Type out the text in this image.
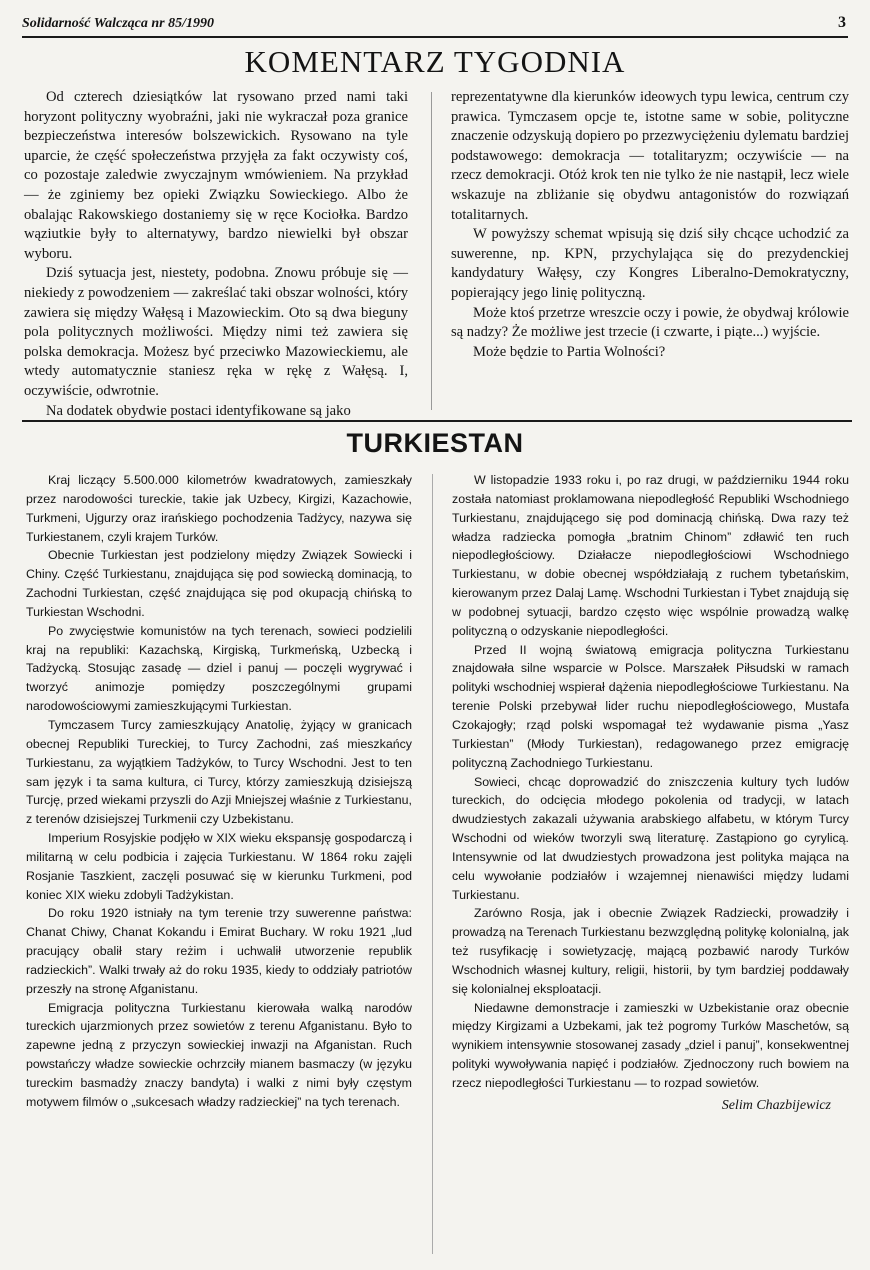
Solidarność Walcząca nr 85/1990	3
KOMENTARZ TYGODNIA

Od czterech dziesiątków lat rysowano przed nami taki horyzont polityczny wyobraźni, jaki nie wykraczał poza granice bezpieczeństwa interesów bolszewickich. Rysowano na tyle uparcie, że część społeczeństwa przyjęła za fakt oczywisty coś, co pozostaje zaledwie zwyczajnym wmówieniem. Na przykład — że zginiemy bez opieki Związku Sowieckiego. Albo że obalając Rakowskiego dostaniemy się w ręce Kociołka. Bardzo wąziutkie były to alternatywy, bardzo niewielki był obszar wyboru.

Dziś sytuacja jest, niestety, podobna. Znowu próbuje się — niekiedy z powodzeniem — zakreślać taki obszar wolności, który zawiera się między Wałęsą i Mazowieckim. Oto są dwa bieguny pola politycznych możliwości. Między nimi też zawiera się polska demokracja. Możesz być przeciwko Mazowieckiemu, ale wtedy automatycznie staniesz ręka w rękę z Wałęsą. I, oczywiście, odwrotnie.

Na dodatek obydwie postaci identyfikowane są jako

reprezentatywne dla kierunków ideowych typu lewica, centrum czy prawica. Tymczasem opcje te, istotne same w sobie, polityczne znaczenie odzyskują dopiero po przezwyciężeniu dylematu bardziej podstawowego: demokracja — totalitaryzm; oczywiście — na rzecz demokracji. Otóż krok ten nie tylko że nie nastąpił, lecz wiele wskazuje na zbliżanie się obydwu antagonistów do rozwiązań totalitarnych.

W powyższy schemat wpisują się dziś siły chcące uchodzić za suwerenne, np. KPN, przychylająca się do prezydenckiej kandydatury Wałęsy, czy Kongres Liberalno-Demokratyczny, popierający jego linię polityczną.

Może ktoś przetrze wreszcie oczy i powie, że obydwaj królowie są nadzy? Że możliwe jest trzecie (i czwarte, i piąte...) wyjście.

Może będzie to Partia Wolności?

TURKIESTAN

Kraj liczący 5.500.000 kilometrów kwadratowych, zamieszkały przez narodowości tureckie, takie jak Uzbecy, Kirgizi, Kazachowie, Turkmeni, Ujgurzy oraz irańskiego pochodzenia Tadżycy, nazywa się Turkiestanem, czyli krajem Turków.

Obecnie Turkiestan jest podzielony między Związek Sowiecki i Chiny. Część Turkiestanu, znajdująca się pod sowiecką dominacją, to Zachodni Turkiestan, część znajdująca się pod okupacją chińską to Turkiestan Wschodni.

Po zwycięstwie komunistów na tych terenach, sowieci podzielili kraj na republiki: Kazachską, Kirgiską, Turkmeńską, Uzbecką i Tadżycką. Stosując zasadę — dziel i panuj — poczęli wygrywać i tworzyć animozje pomiędzy poszczególnymi grupami narodowościowymi zamieszkującymi Turkiestan.

Tymczasem Turcy zamieszkujący Anatolię, żyjący w granicach obecnej Republiki Tureckiej, to Turcy Zachodni, zaś mieszkańcy Turkiestanu, za wyjątkiem Tadżyków, to Turcy Wschodni. Jest to ten sam język i ta sama kultura, ci Turcy, którzy zamieszkują dzisiejszą Turcję, przed wiekami przyszli do Azji Mniejszej właśnie z Turkiestanu, z terenów dzisiejszej Turkmenii czy Uzbekistanu.

Imperium Rosyjskie podjęło w XIX wieku ekspansję gospodarczą i militarną w celu podbicia i zajęcia Turkiestanu. W 1864 roku zajęli Rosjanie Taszkient, zaczęli posuwać się w kierunku Turkmeni, pod koniec XIX wieku zdobyli Tadżykistan.

Do roku 1920 istniały na tym terenie trzy suwerenne państwa: Chanat Chiwy, Chanat Kokandu i Emirat Buchary. W roku 1921 „lud pracujący obalił stary reżim i uchwalił utworzenie republik radzieckich”. Walki trwały aż do roku 1935, kiedy to oddziały patriotów przeszły na stronę Afganistanu.

Emigracja polityczna Turkiestanu kierowała walką narodów tureckich ujarzmionych przez sowietów z terenu Afganistanu. Było to zapewne jedną z przyczyn sowieckiej inwazji na Afganistan. Ruch powstańczy władze sowieckie ochrzciły mianem basmaczy (w języku tureckim basmadży znaczy bandyta) i walki z nimi były częstym motywem filmów o „sukcesach władzy radzieckiej” na tych terenach.

W listopadzie 1933 roku i, po raz drugi, w październiku 1944 roku została natomiast proklamowana niepodległość Republiki Wschodniego Turkiestanu, znajdującego się pod dominacją chińską. Dwa razy też władza radziecka pomogła „bratnim Chinom” zdławić ten ruch niepodległościowy. Działacze niepodległościowi Wschodniego Turkiestanu, w dobie obecnej współdziałają z ruchem tybetańskim, kierowanym przez Dalaj Lamę. Wschodni Turkiestan i Tybet znajdują się w podobnej sytuacji, bardzo często więc wspólnie prowadzą walkę polityczną o odzyskanie niepodległości.

Przed II wojną światową emigracja polityczna Turkiestanu znajdowała silne wsparcie w Polsce. Marszałek Piłsudski w ramach polityki wschodniej wspierał dążenia niepodległościowe Turkiestanu. Na terenie Polski przebywał lider ruchu niepodległościowego, Mustafa Czokajogły; rząd polski wspomagał też wydawanie pisma „Yasz Turkiestan” (Młody Turkiestan), redagowanego przez emigrację polityczną Zachodniego Turkiestanu.

Sowieci, chcąc doprowadzić do zniszczenia kultury tych ludów tureckich, do odcięcia młodego pokolenia od tradycji, w latach dwudziestych zakazali używania arabskiego alfabetu, w którym Turcy Wschodni od wieków tworzyli swą literaturę. Zastąpiono go cyrylicą. Intensywnie od lat dwudziestych prowadzona jest polityka mająca na celu wywołanie podziałów i wzajemnej nienawiści między ludami Turkiestanu.

Zarówno Rosja, jak i obecnie Związek Radziecki, prowadziły i prowadzą na Terenach Turkiestanu bezwzględną politykę kolonialną, jak też rusyfikację i sowietyzację, mającą pozbawić narody Turków Wschodnich własnej kultury, religii, historii, by tym bardziej poddawały się kolonialnej eksploatacji.

Niedawne demonstracje i zamieszki w Uzbekistanie oraz obecnie między Kirgizami a Uzbekami, jak też pogromy Turków Maschetów, są wynikiem intensywnie stosowanej zasady „dziel i panuj”, konsekwentnej polityki wywoływania napięć i podziałów. Zjednoczony ruch bowiem na rzecz niepodległości Turkiestanu — to rozpad sowietów.

Selim Chazbijewicz
